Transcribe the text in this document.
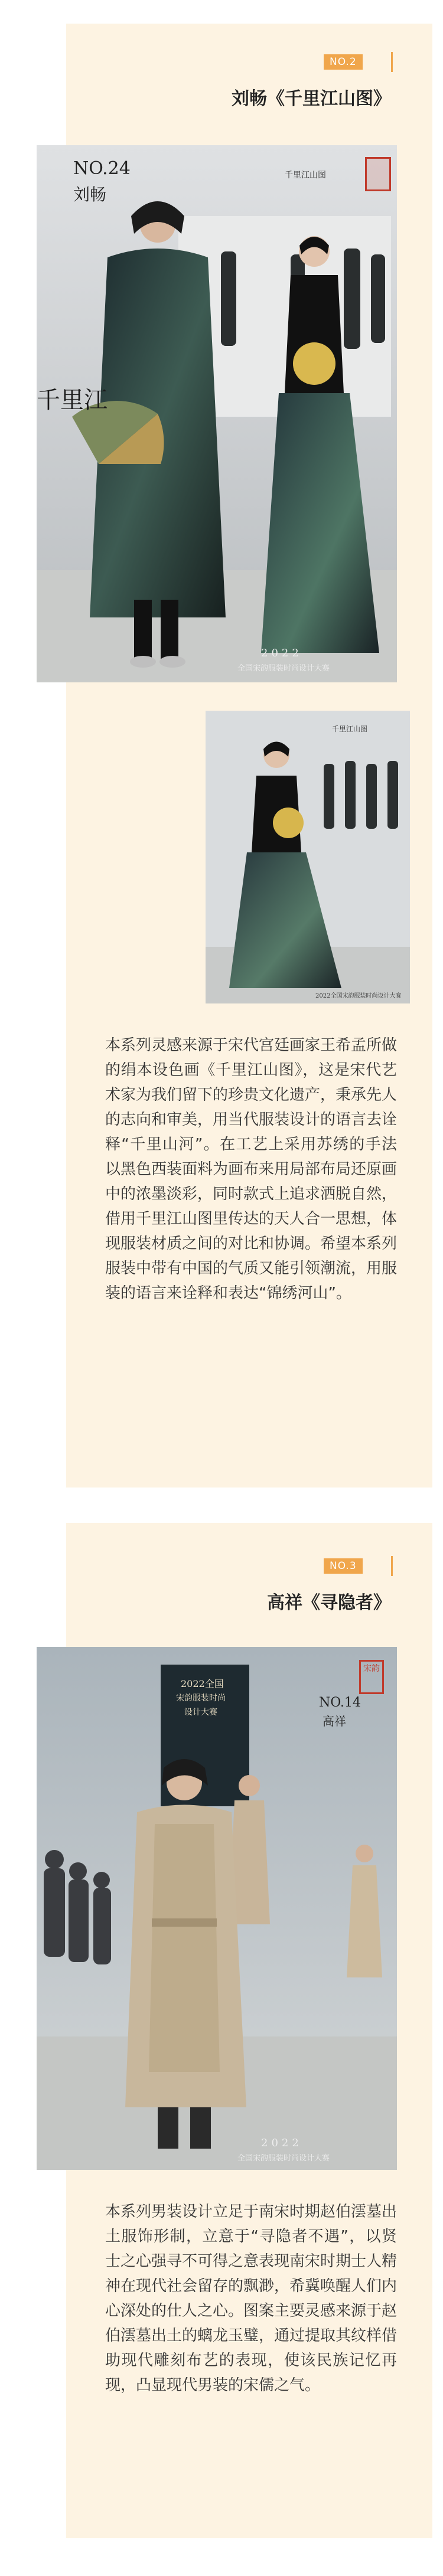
NO.2
刘畅《千里江山图》
NO.24
刘畅
千里江山图
千里江
2022
全国宋韵服装时尚设计大赛
千里江山图
2022全国宋韵服装时尚设计大赛
本系列灵感来源于宋代宫廷画家王希孟所做的绢本设色画《千里江山图》，这是宋代艺术家为我们留下的珍贵文化遗产，秉承先人的志向和审美，用当代服装设计的语言去诠释“千里山河”。在工艺上采用苏绣的手法以黑色西装面料为画布来用局部布局还原画中的浓墨淡彩，同时款式上追求洒脱自然，借用千里江山图里传达的天人合一思想，体现服装材质之间的对比和协调。希望本系列服装中带有中国的气质又能引领潮流，用服装的语言来诠释和表达“锦绣河山”。
NO.3
高祥《寻隐者》
2022全国
宋韵服装时尚
设计大赛
NO.14
高祥
宋韵
2022
全国宋韵服装时尚设计大赛
本系列男装设计立足于南宋时期赵伯澐墓出土服饰形制，立意于“寻隐者不遇”，以贤士之心强寻不可得之意表现南宋时期士人精神在现代社会留存的飘渺，希冀唤醒人们内心深处的仕人之心。图案主要灵感来源于赵伯澐墓出土的螭龙玉璧，通过提取其纹样借助现代雕刻布艺的表现，使该民族记忆再现，凸显现代男装的宋儒之气。
